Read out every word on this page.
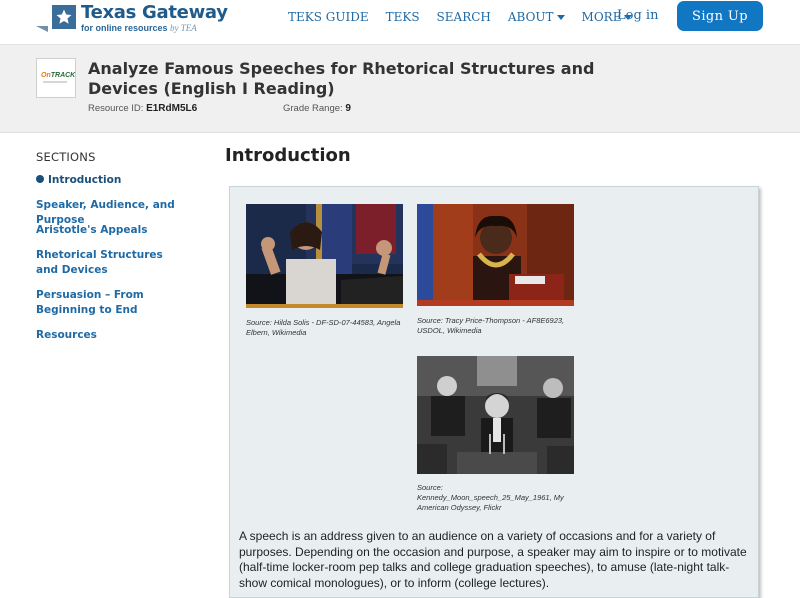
Texas Gateway
for online resources by TEA
TEKS GUIDE TEKS SEARCH ABOUT MORE
Log in	Sign Up
OnTRACK Analyze Famous Speeches for Rhetorical Structures and Devices (English I Reading)
Resource ID: E1RdM5L6	Grade Range: 9
SECTIONS
Introduction
Speaker, Audience, and Purpose
Aristotle's Appeals
Rhetorical Structures and Devices
Persuasion – From Beginning to End
Resources
Introduction
Source: Hilda Solis - DF-SD-07-44583, Angela Elbern, Wikimedia
Source: Tracy Price-Thompson - AF8E6923, USDOL, Wikimedia
Source: Kennedy_Moon_speech_25_May_1961, My American Odyssey, Flickr
A speech is an address given to an audience on a variety of occasions and for a variety of purposes. Depending on the occasion and purpose, a speaker may aim to inspire or to motivate (half-time locker-room pep talks and college graduation speeches), to amuse (late-night talk-show comical monologues), or to inform (college lectures).
